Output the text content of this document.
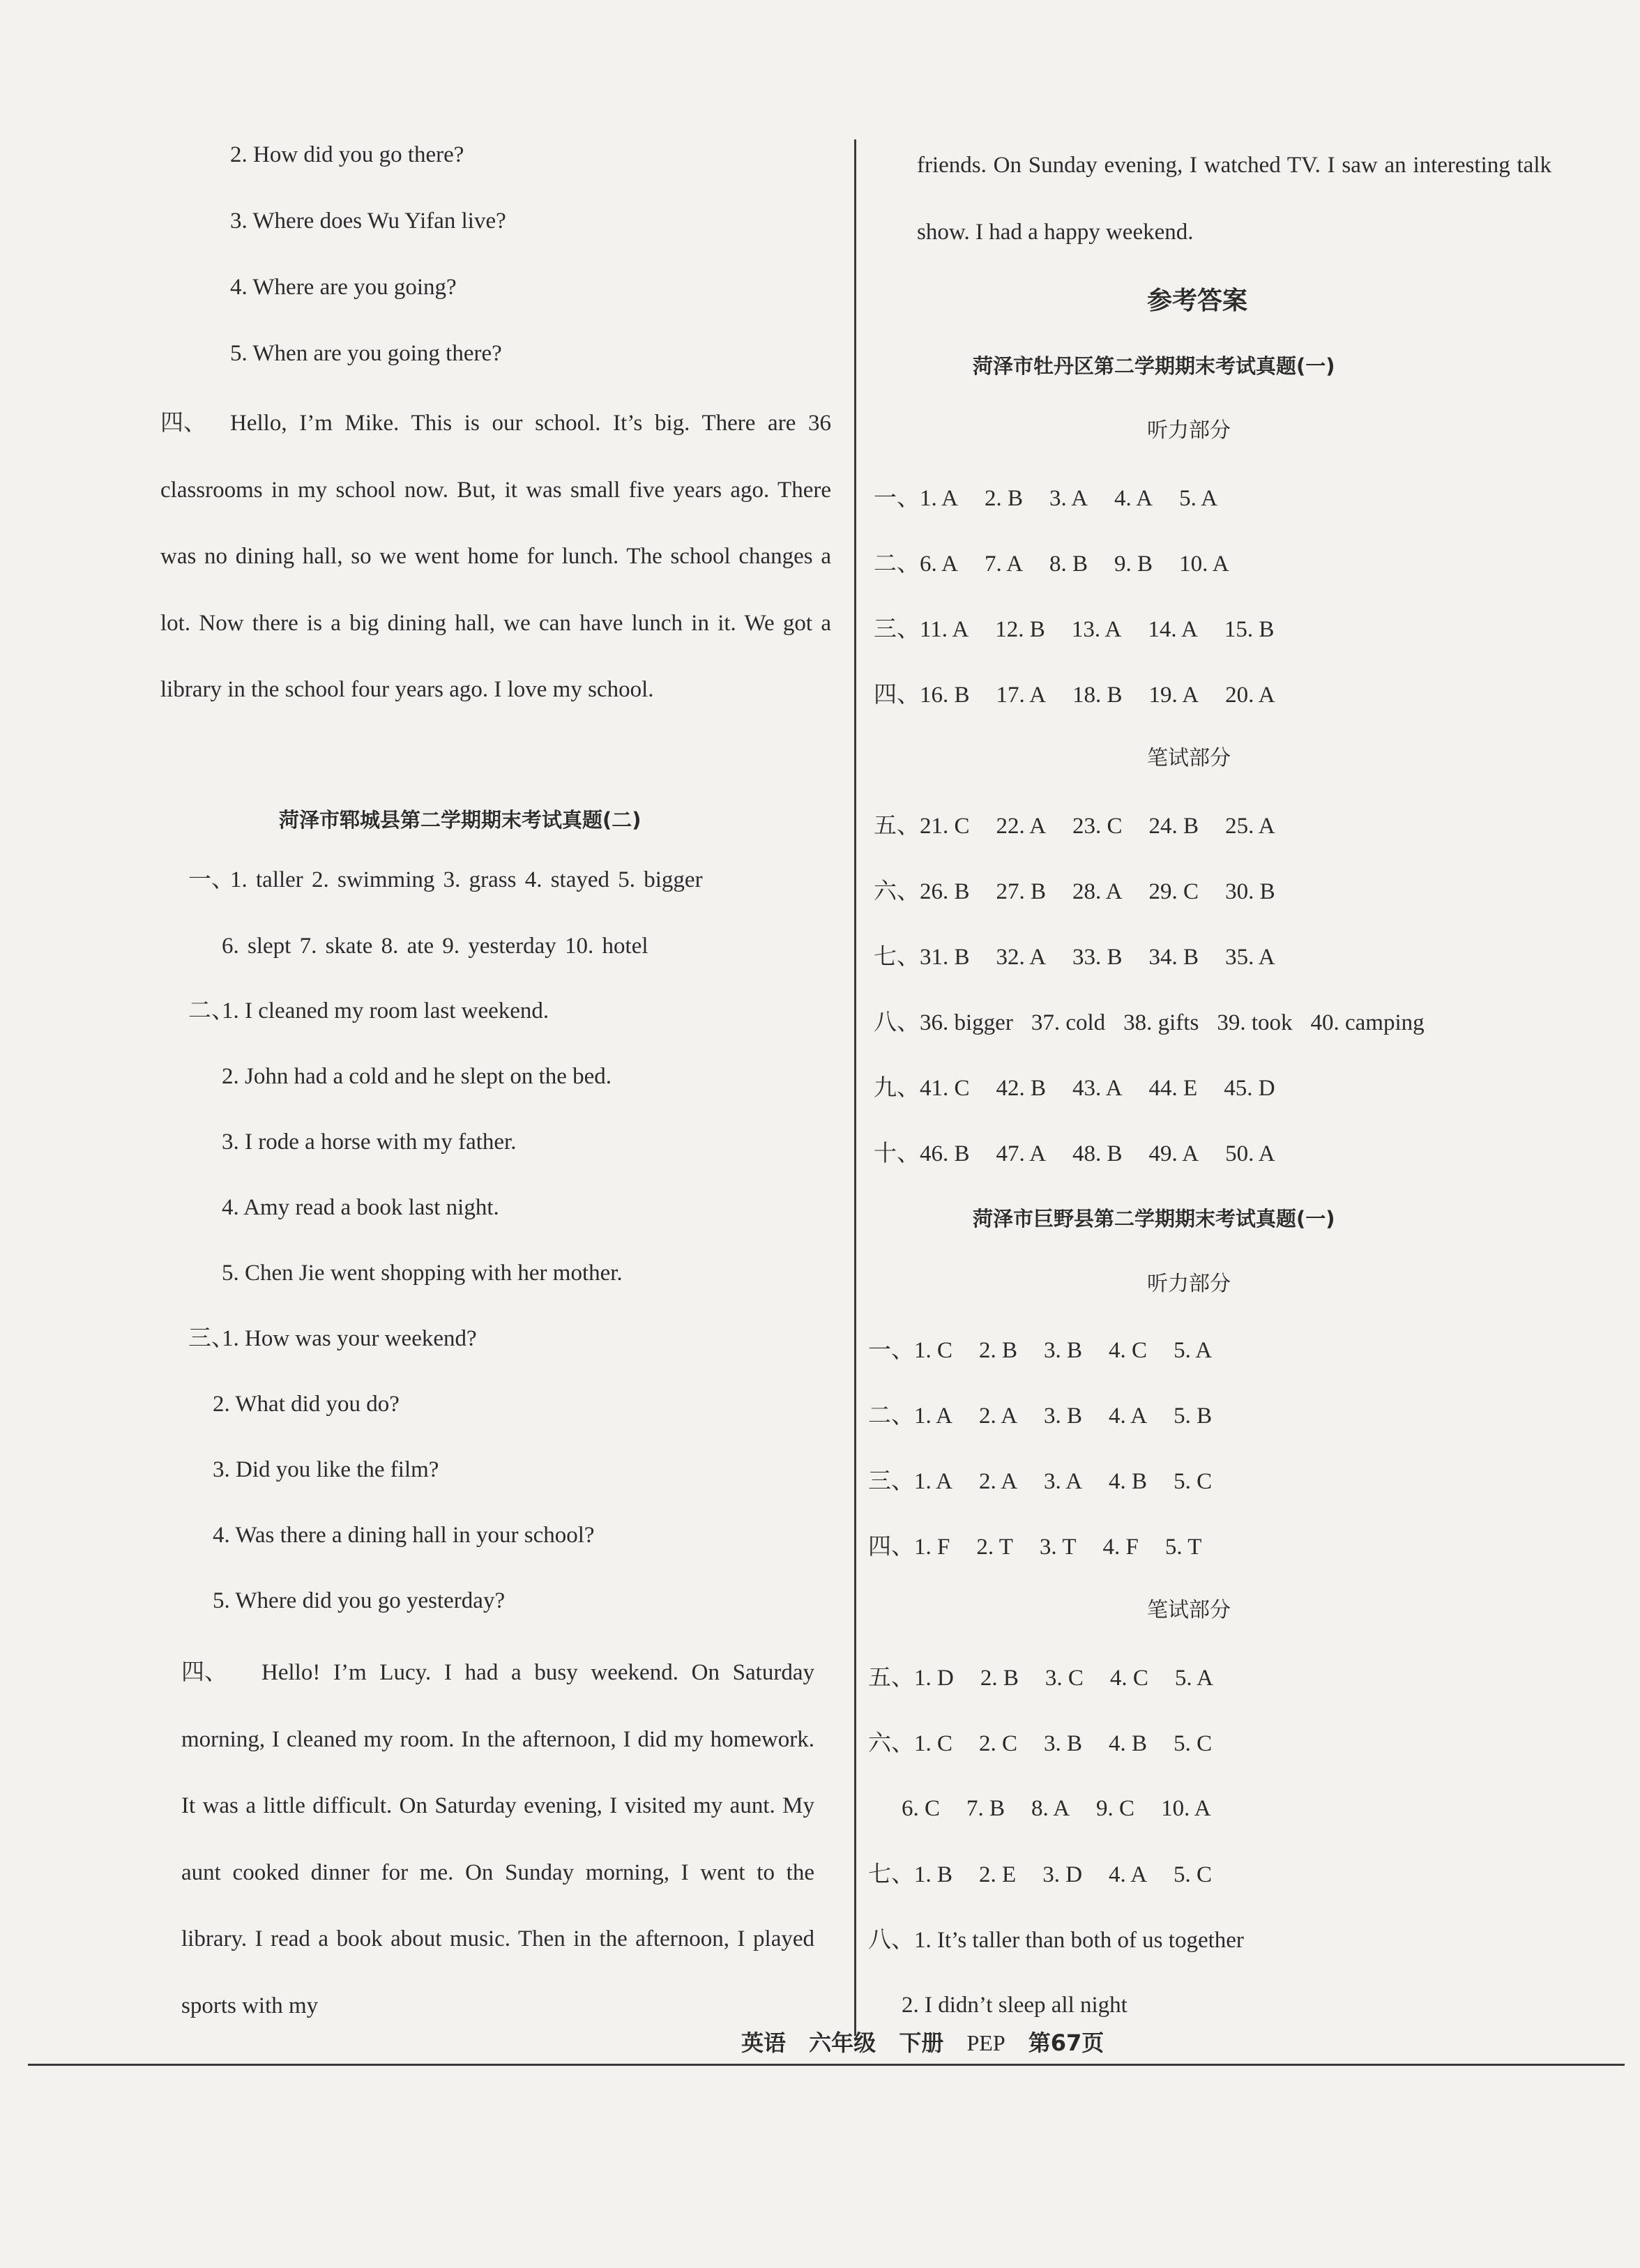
2. How did you go there?
3. Where does Wu Yifan live?
4. Where are you going?
5. When are you going there?
四、 Hello, I’m Mike. This is our school. It’s big. There are 36 classrooms in my school now. But, it was small five years ago. There was no dining hall, so we went home for lunch. The school changes a lot. Now there is a big dining hall, we can have lunch in it. We got a library in the school four years ago. I love my school.
菏泽市郓城县第二学期期末考试真题(二)
一、
1. taller 2. swimming 3. grass 4. stayed 5. bigger
6. slept 7. skate 8. ate 9. yesterday 10. hotel
二、
1. I cleaned my room last weekend.
2. John had a cold and he slept on the bed.
3. I rode a horse with my father.
4. Amy read a book last night.
5. Chen Jie went shopping with her mother.
三、
1. How was your weekend?
2. What did you do?
3. Did you like the film?
4. Was there a dining hall in your school?
5. Where did you go yesterday?
四、 Hello! I’m Lucy. I had a busy weekend. On Saturday morning, I cleaned my room. In the afternoon, I did my homework. It was a little difficult. On Saturday evening, I visited my aunt. My aunt cooked dinner for me. On Sunday morning, I went to the library. I read a book about music. Then in the afternoon, I played sports with my
friends. On Sunday evening, I watched TV. I saw an interesting talk show. I had a happy weekend.
参考答案
菏泽市牡丹区第二学期期末考试真题(一)
听力部分
一、1. A 2. B 3. A 4. A 5. A
二、6. A 7. A 8. B 9. B 10. A
三、11. A 12. B 13. A 14. A 15. B
四、16. B 17. A 18. B 19. A 20. A
笔试部分
五、21. C 22. A 23. C 24. B 25. A
六、26. B 27. B 28. A 29. C 30. B
七、31. B 32. A 33. B 34. B 35. A
八、36. bigger 37. cold 38. gifts 39. took 40. camping
九、41. C 42. B 43. A 44. E 45. D
十、46. B 47. A 48. B 49. A 50. A
菏泽市巨野县第二学期期末考试真题(一)
听力部分
一、1. C 2. B 3. B 4. C 5. A
二、1. A 2. A 3. B 4. A 5. B
三、1. A 2. A 3. A 4. B 5. C
四、1. F 2. T 3. T 4. F 5. T
笔试部分
五、1. D 2. B 3. C 4. C 5. A
六、1. C 2. C 3. B 4. B 5. C
6. C 7. B 8. A 9. C 10. A
七、1. B 2. E 3. D 4. A 5. C
八、1. It’s taller than both of us together
2. I didn’t sleep all night
英语 六年级 下册 PEP 第67页
